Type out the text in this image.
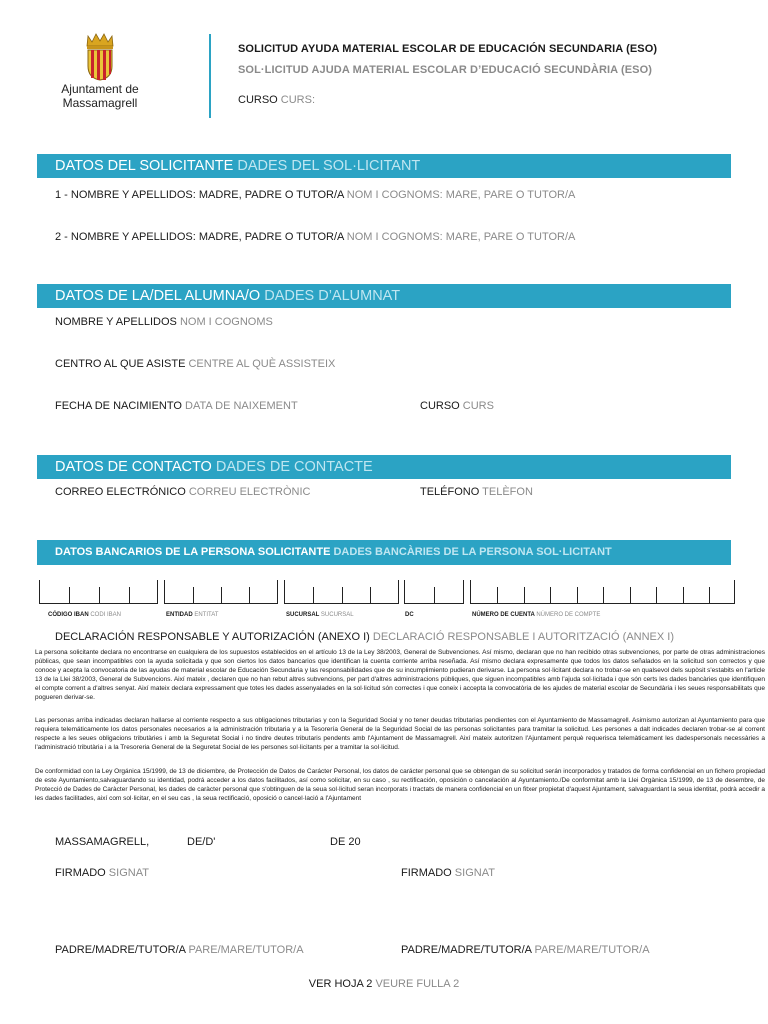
Ajuntament de
Massamagrell
SOLICITUD AYUDA MATERIAL ESCOLAR DE EDUCACIÓN SECUNDARIA (ESO)
SOL·LICITUD AJUDA MATERIAL ESCOLAR D’EDUCACIÓ SECUNDÀRIA (ESO)
CURSO CURS:
DATOS DEL SOLICITANTE DADES DEL SOL·LICITANT
1 - NOMBRE Y APELLIDOS: MADRE, PADRE O TUTOR/A NOM I COGNOMS: MARE, PARE O TUTOR/A
2 - NOMBRE Y APELLIDOS: MADRE, PADRE O TUTOR/A NOM I COGNOMS: MARE, PARE O TUTOR/A
DATOS DE LA/DEL ALUMNA/O DADES D’ALUMNAT
NOMBRE Y APELLIDOS NOM I COGNOMS
CENTRO AL QUE ASISTE CENTRE AL QUÈ ASSISTEIX
FECHA DE NACIMIENTO DATA DE NAIXEMENT	CURSO CURS
DATOS DE CONTACTO DADES DE CONTACTE
CORREO ELECTRÓNICO CORREU ELECTRÒNIC	TELÉFONO TELÈFON
DATOS BANCARIOS DE LA PERSONA SOLICITANTE DADES BANCÀRIES DE LA PERSONA SOL·LICITANT
CÓDIGO IBAN CODI IBAN	ENTIDAD ENTITAT	SUCURSAL SUCURSAL	DC	NÚMERO DE CUENTA NÚMERO DE COMPTE
DECLARACIÓN RESPONSABLE Y AUTORIZACIÓN (ANEXO I) DECLARACIÓ RESPONSABLE I AUTORITZACIÓ (ANNEX I)
La persona solicitante declara no encontrarse en cualquiera de los supuestos establecidos en el artículo 13 de la Ley 38/2003, General de Subvenciones. Así mismo, declaran que no han recibido otras subvenciones, por parte de otras administraciones públicas, que sean incompatibles con la ayuda solicitada y que son ciertos los datos bancarios que identifican la cuenta corriente arriba reseñada. Así mismo declara expresamente que todos los datos señalados en la solicitud son correctos y que conoce y acepta la convocatoria de las ayudas de material escolar de Educación Secundaria y las responsabilidades que de su incumplimiento pudieran derivarse. La persona sol·licitant declara no trobar-se en qualsevol dels supòsit s'estabits en l'article 13 de la Llei 38/2003, General de Subvencions. Així mateix , declaren que no han rebut altres subvencions, per part d'altres administracions públiques, que siguen incompatibles amb l'ajuda sol·licitada i que són certs les dades bancàries que identifiquen el compte corrent a d'altres senyat. Així mateix declara expressament que totes les dades assenyalades en la sol·licitud són correctes i que coneix i accepta la convocatòria de les ajudes de material escolar de Secundària i les seues responsabilitats que pogueren derivar-se.
Las personas arriba indicadas declaran hallarse al corriente respecto a sus obligaciones tributarias y con la Seguridad Social y no tener deudas tributarias pendientes con el Ayuntamiento de Massamagrell. Asimismo autorizan al Ayuntamiento para que requiera telemáticamente los datos personales necesarios a la administración tributaria y a la Tesorería General de la Seguridad Social de las personas solicitantes para tramitar la solicitud. Les persones a dalt indicades declaren trobar-se al corrent respecte a les seues obligacions tributàries i amb la Seguretat Social i no tindre deutes tributaris pendents amb l'Ajuntament de Massamagrell. Així mateix autoritzen l'Ajuntament perquè requerisca telemàticament les dadespersonals necessàries a l'administració tributària i a la Tresoreria General de la Seguretat Social de les persones sol·licitants per a tramitar la sol·licitud.
De conformidad con la Ley Orgánica 15/1999, de 13 de diciembre, de Protección de Datos de Carácter Personal, los datos de carácter personal que se obtengan de su solicitud serán incorporados y tratados de forma confidencial en un fichero propiedad de este Ayuntamiento,salvaguardando su identidad, podrá acceder a los datos facilitados, así como solicitar, en su caso , su rectificación, oposición o cancelación al Ayuntamiento./De conformitat amb la Llei Orgànica 15/1999, de 13 de desembre, de Protecció de Dades de Caràcter Personal, les dades de caràcter personal que s'obtinguen de la seua sol·licitud seran incorporats i tractats de manera confidencial en un fitxer propietat d'aquest Ajuntament, salvaguardant la seua identitat, podrà accedir a les dades facilitades, així com sol·licitar, en el seu cas , la seua rectificació, oposició o cancel·lació a l'Ajuntament
MASSAMAGRELL,	DE/D'	DE 20
FIRMADO SIGNAT	FIRMADO SIGNAT
PADRE/MADRE/TUTOR/A PARE/MARE/TUTOR/A	PADRE/MADRE/TUTOR/A PARE/MARE/TUTOR/A
VER HOJA 2 VEURE FULLA 2
